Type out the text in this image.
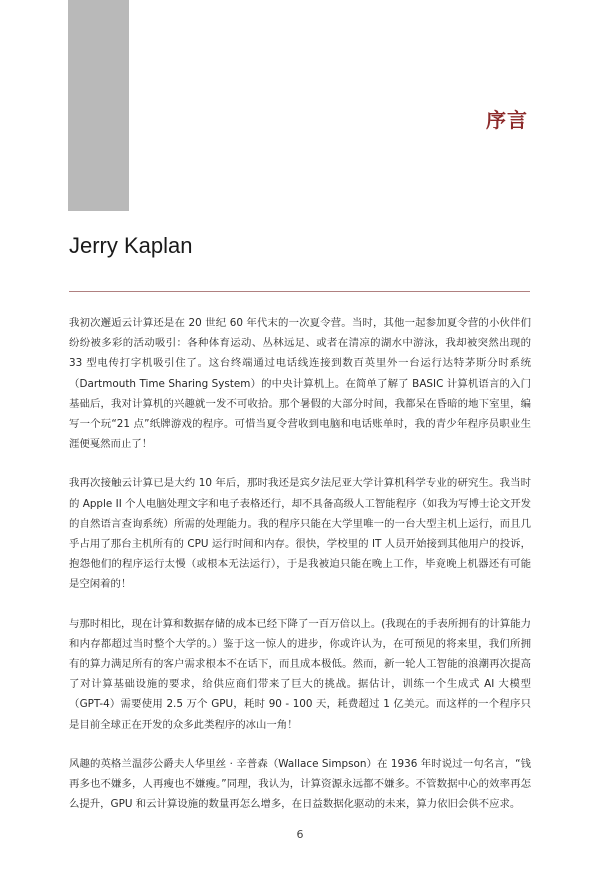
序言
Jerry Kaplan

我初次邂逅云计算还是在 20 世纪 60 年代末的一次夏令营。当时，其他一起参加夏令营的小伙伴们纷纷被多彩的活动吸引：各种体育运动、丛林远足、或者在清凉的湖水中游泳，我却被突然出现的 33 型电传打字机吸引住了。这台终端通过电话线连接到数百英里外一台运行达特茅斯分时系统（Dartmouth Time Sharing System）的中央计算机上。在简单了解了 BASIC 计算机语言的入门基础后，我对计算机的兴趣就一发不可收拾。那个暑假的大部分时间，我都呆在昏暗的地下室里，编写一个玩“21 点”纸牌游戏的程序。可惜当夏令营收到电脑和电话账单时，我的青少年程序员职业生涯便戛然而止了！

我再次接触云计算已是大约 10 年后，那时我还是宾夕法尼亚大学计算机科学专业的研究生。我当时的 Apple II 个人电脑处理文字和电子表格还行，却不具备高级人工智能程序（如我为写博士论文开发的自然语言查询系统）所需的处理能力。我的程序只能在大学里唯一的一台大型主机上运行，而且几乎占用了那台主机所有的 CPU 运行时间和内存。很快，学校里的 IT 人员开始接到其他用户的投诉，抱怨他们的程序运行太慢（或根本无法运行），于是我被迫只能在晚上工作，毕竟晚上机器还有可能是空闲着的！

与那时相比，现在计算和数据存储的成本已经下降了一百万倍以上。(我现在的手表所拥有的计算能力和内存都超过当时整个大学的。）鉴于这一惊人的进步，你或许认为，在可预见的将来里，我们所拥有的算力满足所有的客户需求根本不在话下，而且成本极低。然而，新一轮人工智能的浪潮再次提高了对计算基础设施的要求，给供应商们带来了巨大的挑战。据估计，训练一个生成式 AI 大模型（GPT-4）需要使用 2.5 万个 GPU，耗时 90 - 100 天，耗费超过 1 亿美元。而这样的一个程序只是目前全球正在开发的众多此类程序的冰山一角！

风趣的英格兰温莎公爵夫人华里丝 · 辛普森（Wallace Simpson）在 1936 年时说过一句名言，“钱再多也不嫌多，人再瘦也不嫌瘦。”同理，我认为，计算资源永远都不嫌多。不管数据中心的效率再怎么提升，GPU 和云计算设施的数量再怎么增多，在日益数据化驱动的未来，算力依旧会供不应求。

6
